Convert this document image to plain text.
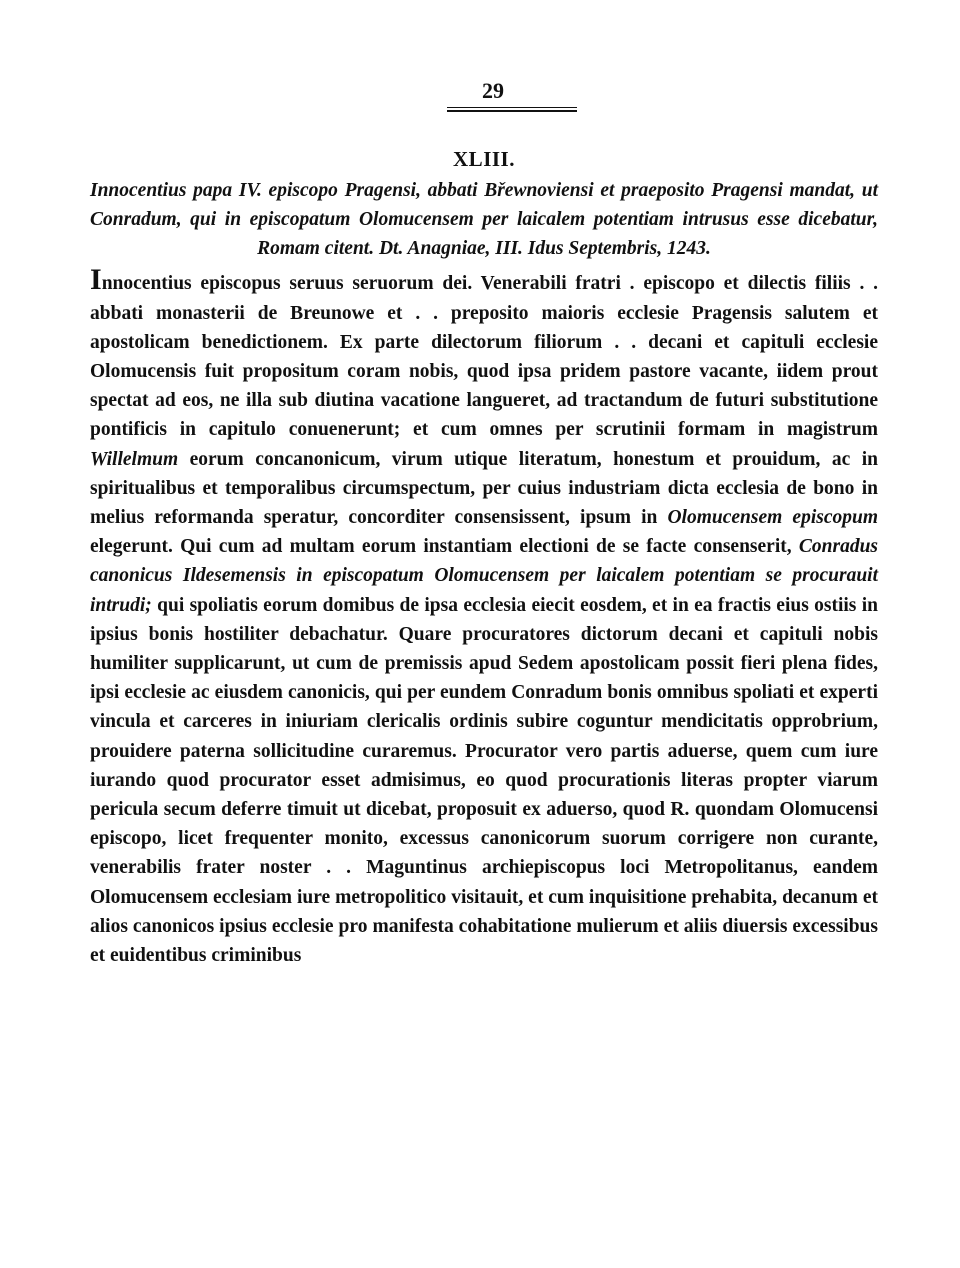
29
XLIII.
Innocentius papa IV. episcopo Pragensi, abbati Břewnoviensi et praeposito Pragensi mandat, ut Conradum, qui in episcopatum Olomucensem per laicalem potentiam intrusus esse dicebatur, Romam citent. Dt. Anagniae, III. Idus Septembris, 1243.
Innocentius episcopus seruus seruorum dei. Venerabili fratri . episcopo et dilectis filiis . . abbati monasterii de Breunowe et . . preposito maioris ecclesie Pragensis salutem et apostolicam benedictionem. Ex parte dilectorum filiorum . . decani et capituli ecclesie Olomucensis fuit propositum coram nobis, quod ipsa pridem pastore vacante, iidem prout spectat ad eos, ne illa sub diutina vacatione langueret, ad tractandum de futuri substitutione pontificis in capitulo conuenerunt; et cum omnes per scrutinii formam in magistrum Willelmum eorum concanonicum, virum utique literatum, honestum et prouidum, ac in spiritualibus et temporalibus circumspectum, per cuius industriam dicta ecclesia de bono in melius reformanda speratur, concorditer consensissent, ipsum in Olomucensem episcopum elegerunt. Qui cum ad multam eorum instantiam electioni de se facte consenserit, Conradus canonicus Ildesemensis in episcopatum Olomucensem per laicalem potentiam se procurauit intrudi; qui spoliatis eorum domibus de ipsa ecclesia eiecit eosdem, et in ea fractis eius ostiis in ipsius bonis hostiliter debachatur. Quare procuratores dictorum decani et capituli nobis humiliter supplicarunt, ut cum de premissis apud Sedem apostolicam possit fieri plena fides, ipsi ecclesie ac eiusdem canonicis, qui per eundem Conradum bonis omnibus spoliati et experti vincula et carceres in iniuriam clericalis ordinis subire coguntur mendicitatis opprobrium, prouidere paterna sollicitudine curaremus. Procurator vero partis aduerse, quem cum iure iurando quod procurator esset admisimus, eo quod procurationis literas propter viarum pericula secum deferre timuit ut dicebat, proposuit ex aduerso, quod R. quondam Olomucensi episcopo, licet frequenter monito, excessus canonicorum suorum corrigere non curante, venerabilis frater noster . . Maguntinus archiepiscopus loci Metropolitanus, eandem Olomucensem ecclesiam iure metropolitico visitauit, et cum inquisitione prehabita, decanum et alios canonicos ipsius ecclesie pro manifesta cohabitatione mulierum et aliis diuersis excessibus et euidentibus criminibus
